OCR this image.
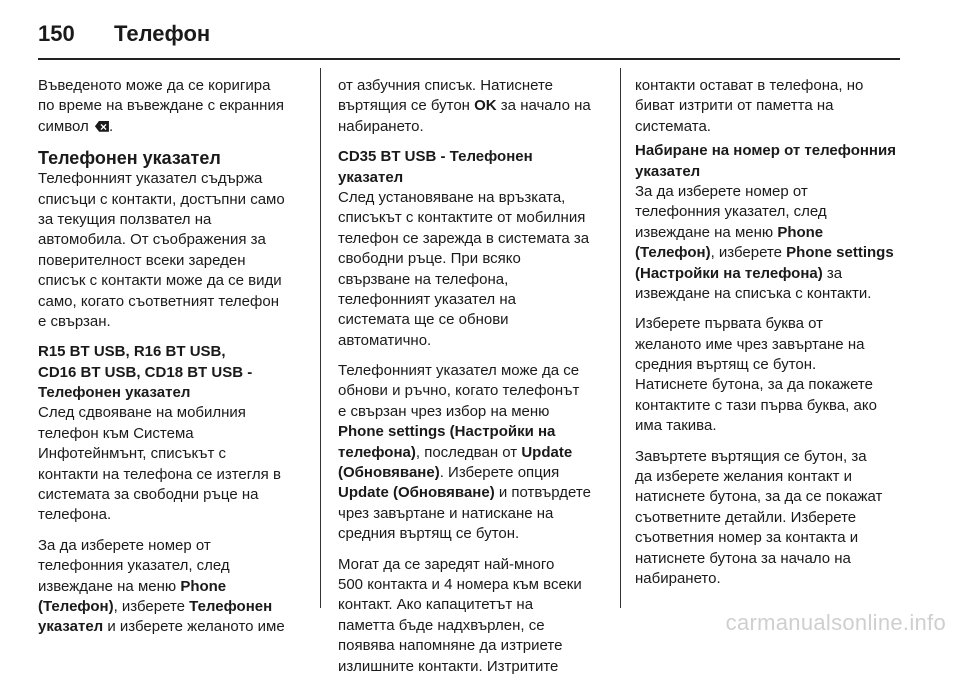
150	Телефон
Въведеното може да се коригира
по време на въвеждане с екранния
символ ×.
Телефонен указател
Телефонният указател съдържа
списъци с контакти, достъпни само
за текущия ползвател на
автомобила. От съображения за
поверителност всеки зареден
списък с контакти може да се види
само, когато съответният телефон
е свързан.
R15 BT USB, R16 BT USB,
CD16 BT USB, CD18 BT USB -
Телефонен указател
След сдвояване на мобилния
телефон към Система
Инфотейнмънт, списъкът с
контакти на телефона се изтегля в
системата за свободни ръце на
телефона.
За да изберете номер от
телефонния указател, след
извеждане на меню Phone
(Телефон), изберете Телефонен
указател и изберете желаното име
от азбучния списък. Натиснете
въртящия се бутон OK за начало на
набирането.
CD35 BT USB - Телефонен
указател
След установяване на връзката,
списъкът с контактите от мобилния
телефон се зарежда в системата за
свободни ръце. При всяко
свързване на телефона,
телефонният указател на
системата ще се обнови
автоматично.
Телефонният указател може да се
обнови и ръчно, когато телефонът
е свързан чрез избор на меню
Phone settings (Настройки на
телефона), последван от Update
(Обновяване). Изберете опция
Update (Обновяване) и потвърдете
чрез завъртане и натискане на
средния въртящ се бутон.
Могат да се заредят най-много
500 контакта и 4 номера към всеки
контакт. Ако капацитетът на
паметта бъде надхвърлен, се
появява напомняне да изтриете
излишните контакти. Изтритите
контакти остават в телефона, но
биват изтрити от паметта на
системата.
Набиране на номер от телефонния
указател
За да изберете номер от
телефонния указател, след
извеждане на меню Phone
(Телефон), изберете Phone settings
(Настройки на телефона) за
извеждане на списъка с контакти.
Изберете първата буква от
желаното име чрез завъртане на
средния въртящ се бутон.
Натиснете бутона, за да покажете
контактите с тази първа буква, ако
има такива.
Завъртете въртящия се бутон, за
да изберете желания контакт и
натиснете бутона, за да се покажат
съответните детайли. Изберете
съответния номер за контакта и
натиснете бутона за начало на
набирането.
carmanualsonline.info
